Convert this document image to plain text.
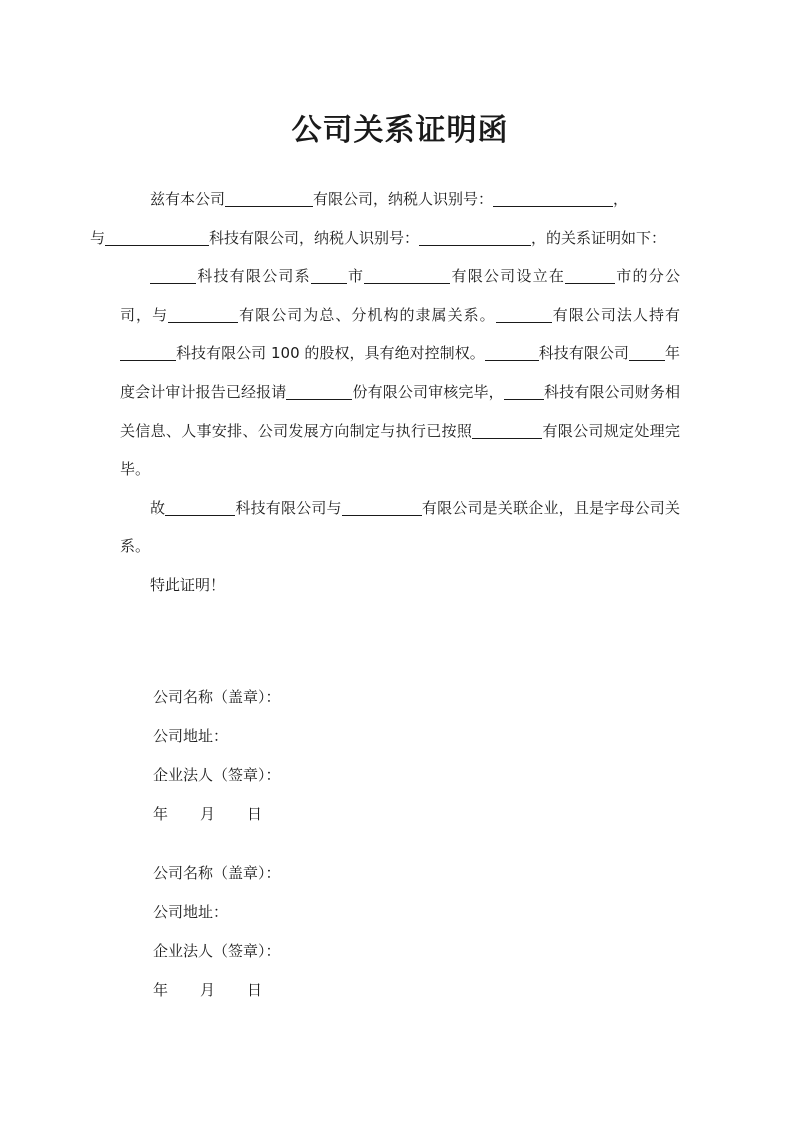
公司关系证明函

兹有本公司	有限公司，纳税人识别号：	，
与	科技有限公司，纳税人识别号：	，的关系证明如下：

科技有限公司系 市	有限公司设立在	市的分公司，与	有限公司为总、分机构的隶属关系。	有限公司法人持有科技有限公司 100 的股权，具有绝对控制权。	科技有限公司 年度会计审计报告已经报请	份有限公司审核完毕，	科技有限公司财务相关信息、人事安排、公司发展方向制定与执行已按照	有限公司规定处理完毕。

故	科技有限公司与	有限公司是关联企业，且是字母公司关系。

特此证明！

公司名称（盖章）：
公司地址：
企业法人（签章）：
年 月 日
公司名称（盖章）：
公司地址：
企业法人（签章）：
年 月 日
